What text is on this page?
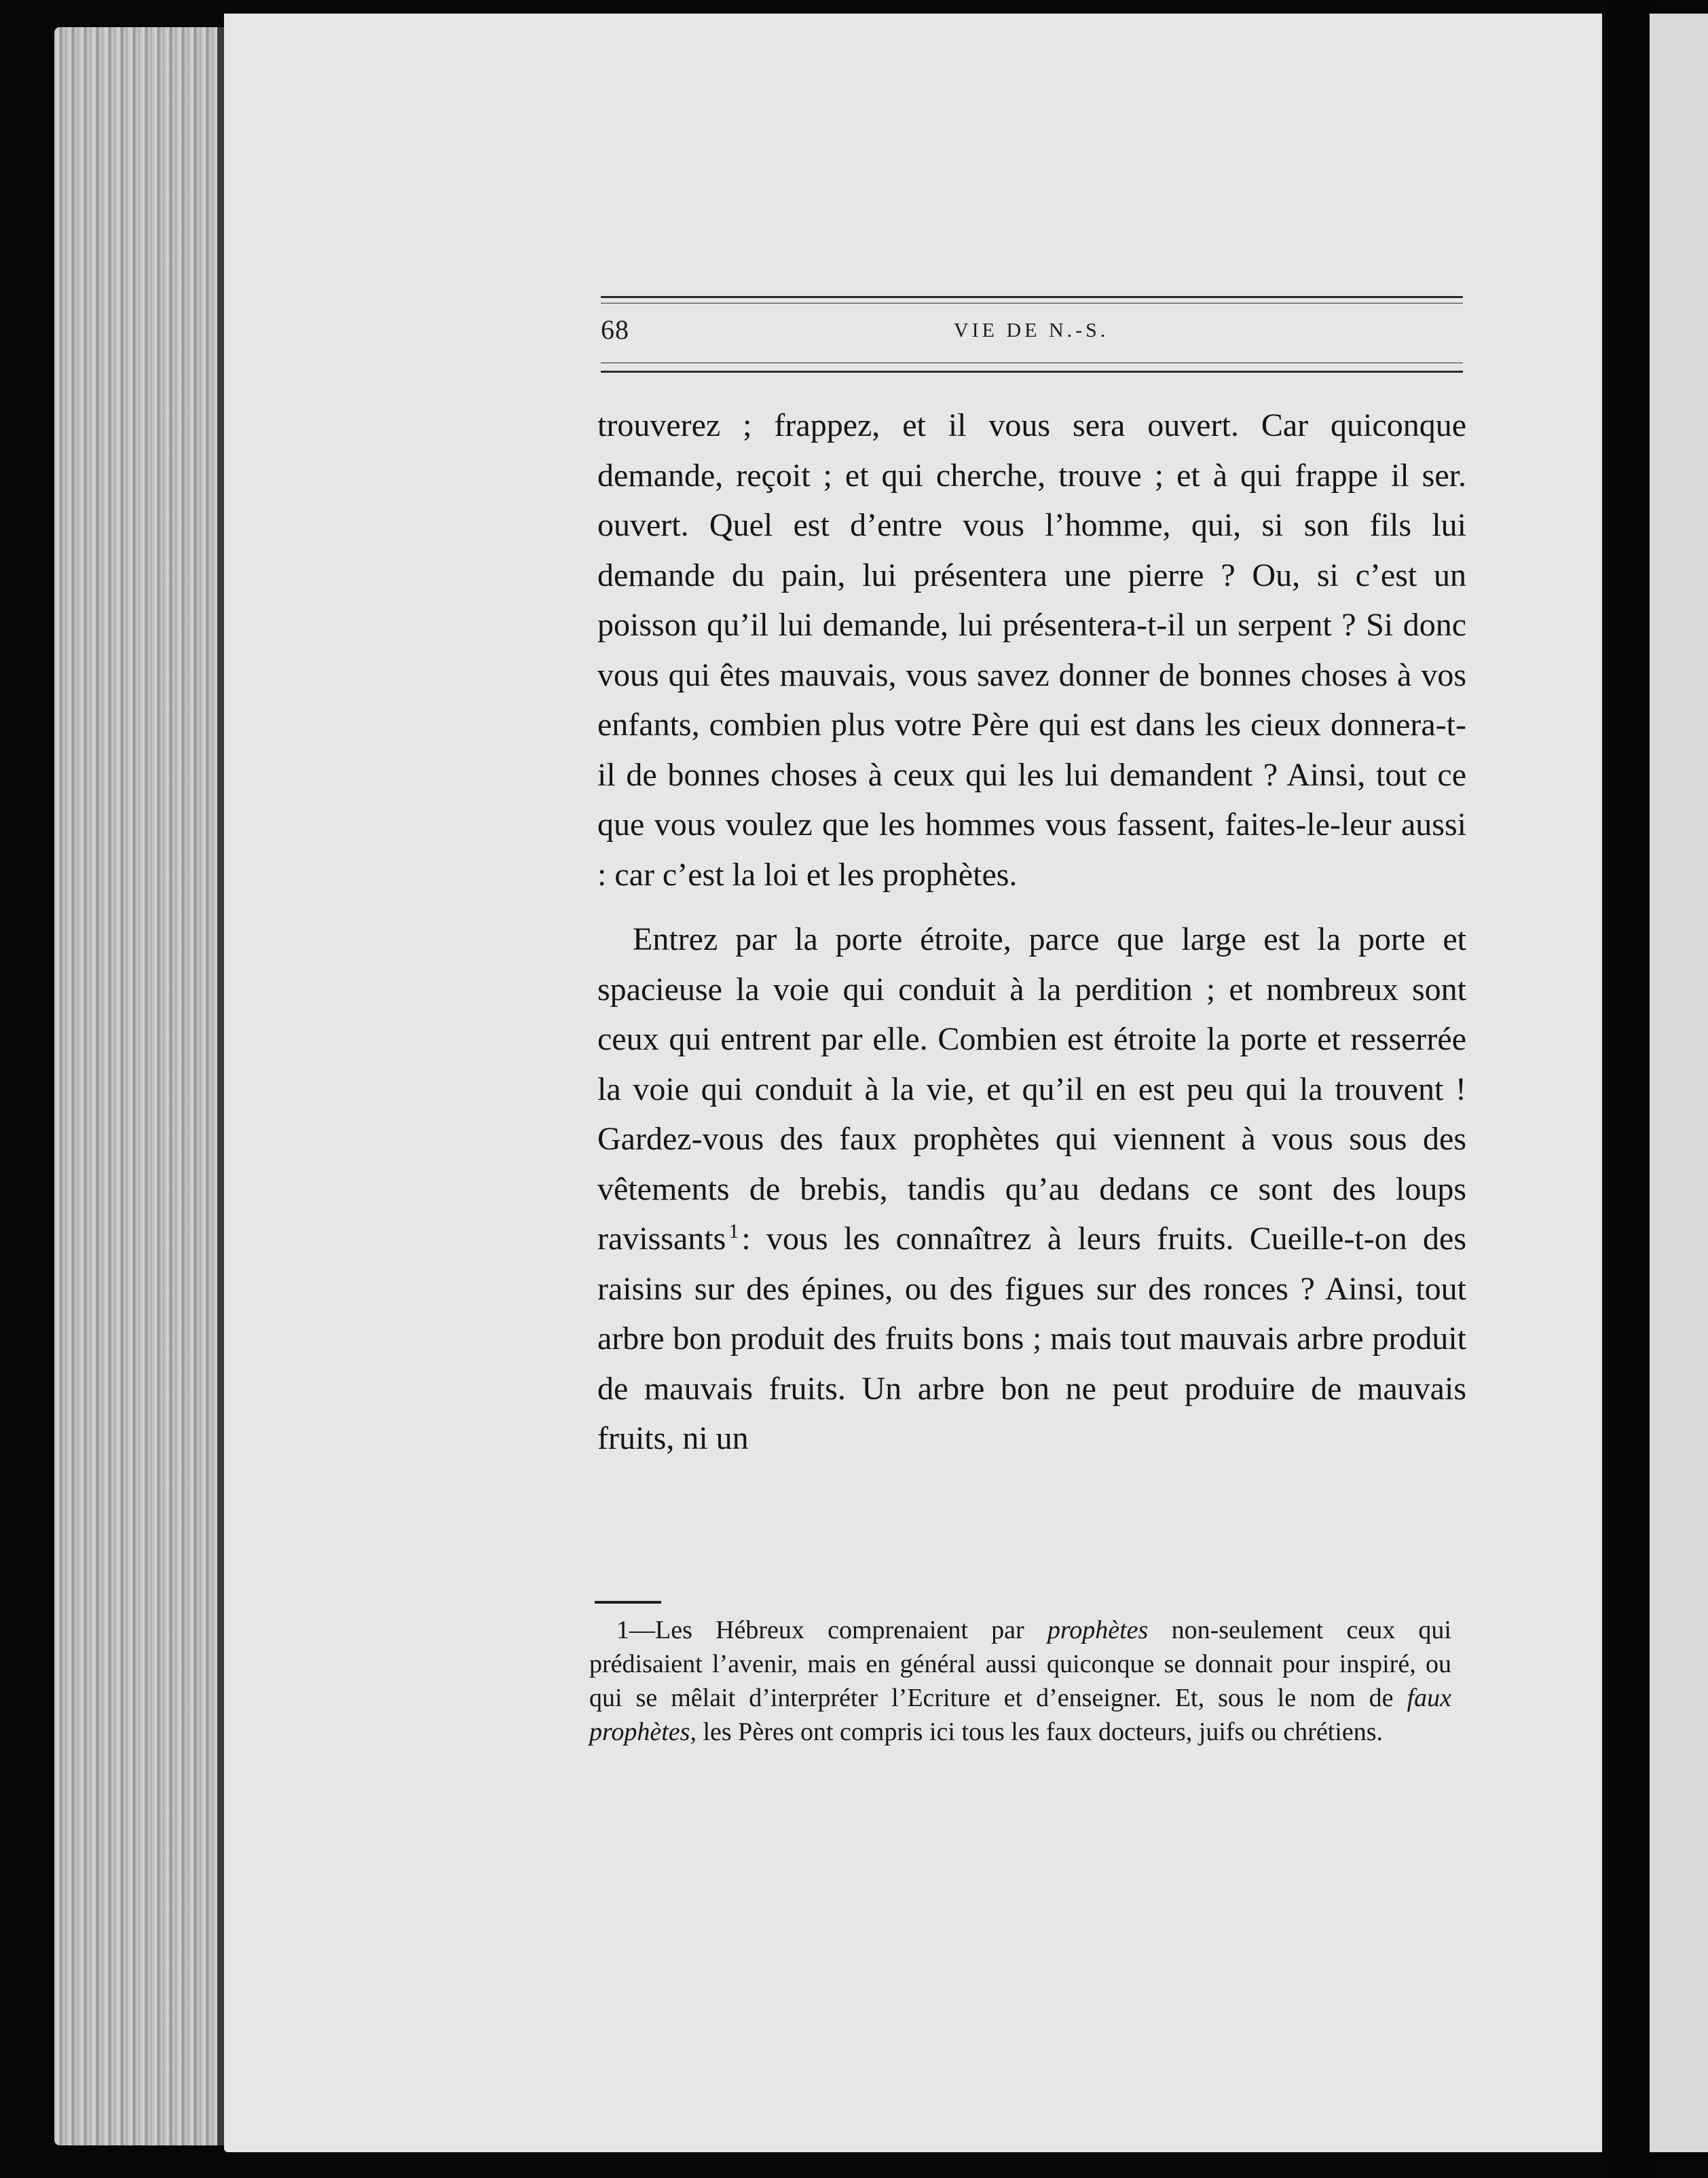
68	VIE DE N.-S.

trouverez ; frappez, et il vous sera ouvert. Car quiconque demande, reçoit ; et qui cherche, trouve ; et à qui frappe il ser. ouvert. Quel est d’entre vous l’homme, qui, si son fils lui demande du pain, lui présentera une pierre ? Ou, si c’est un poisson qu’il lui demande, lui présentera-t-il un serpent ? Si donc vous qui êtes mauvais, vous savez donner de bonnes choses à vos enfants, combien plus votre Père qui est dans les cieux donnera-t-il de bonnes choses à ceux qui les lui demandent ? Ainsi, tout ce que vous voulez que les hommes vous fassent, faites-le-leur aussi : car c’est la loi et les prophètes.

Entrez par la porte étroite, parce que large est la porte et spacieuse la voie qui conduit à la perdition ; et nombreux sont ceux qui entrent par elle. Combien est étroite la porte et resserrée la voie qui conduit à la vie, et qu’il en est peu qui la trouvent ! Gardez-vous des faux prophètes qui viennent à vous sous des vêtements de brebis, tandis qu’au dedans ce sont des loups ravissants $^1$: vous les connaîtrez à leurs fruits. Cueille-t-on des raisins sur des épines, ou des figues sur des ronces ? Ainsi, tout arbre bon produit des fruits bons ; mais tout mauvais arbre produit de mauvais fruits. Un arbre bon ne peut produire de mauvais fruits, ni un

1—Les Hébreux comprenaient par prophètes non-seulement ceux qui prédisaient l’avenir, mais en général aussi quiconque se donnait pour inspiré, ou qui se mêlait d’interpréter l’Ecriture et d’enseigner. Et, sous le nom de faux prophètes, les Pères ont compris ici tous les faux docteurs, juifs ou chrétiens.
